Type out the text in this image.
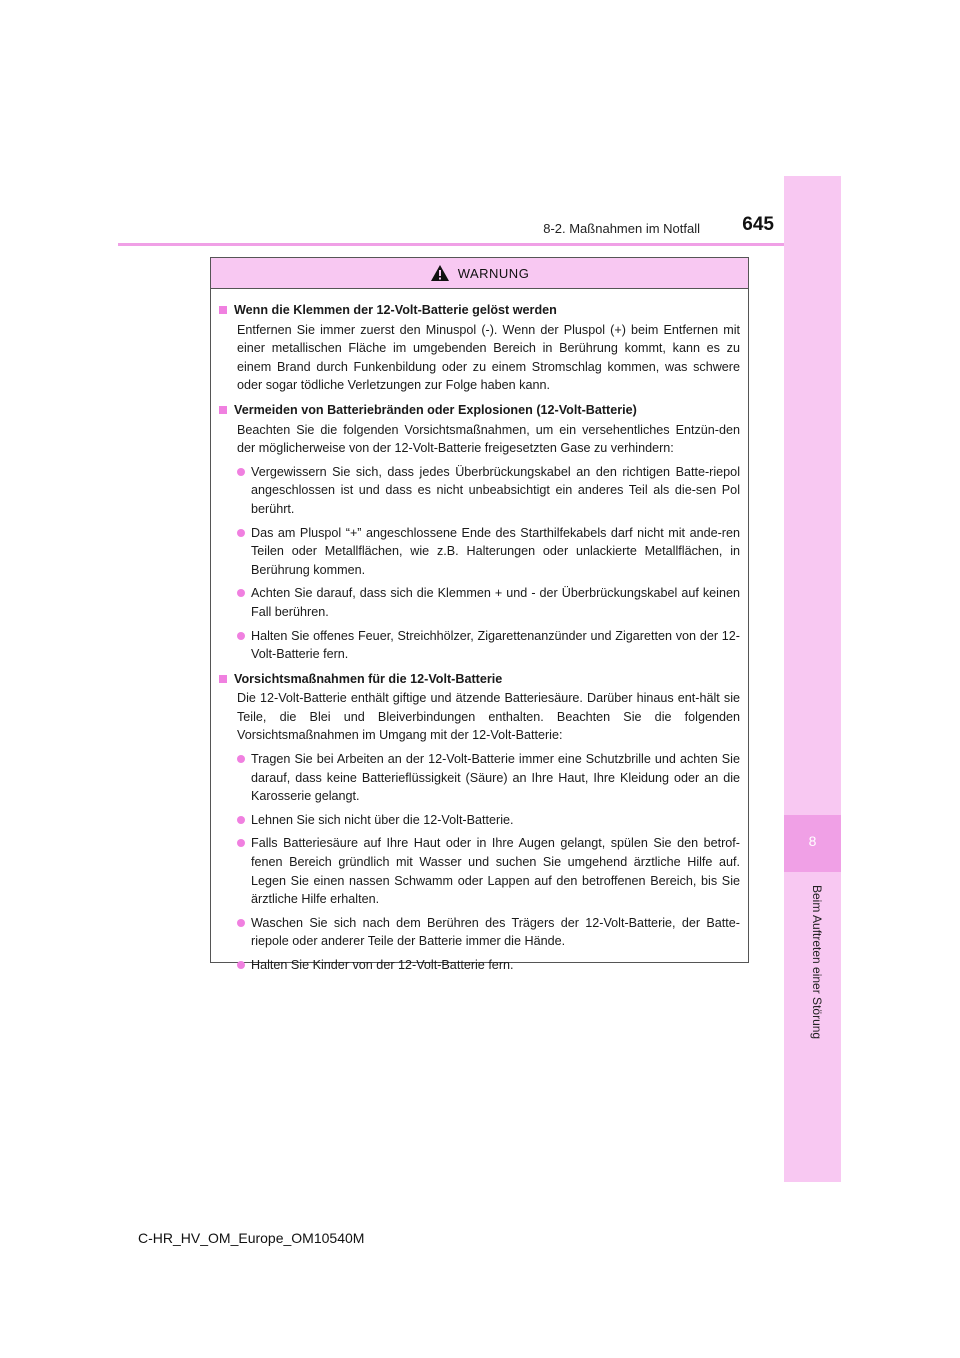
8-2. Maßnahmen im Notfall	645
8
Beim Auftreten einer Störung
WARNUNG
Wenn die Klemmen der 12-Volt-Batterie gelöst werden
Entfernen Sie immer zuerst den Minuspol (-). Wenn der Pluspol (+) beim Entfernen mit einer metallischen Fläche im umgebenden Bereich in Berührung kommt, kann es zu einem Brand durch Funkenbildung oder zu einem Stromschlag kommen, was schwere oder sogar tödliche Verletzungen zur Folge haben kann.
Vermeiden von Batteriebränden oder Explosionen (12-Volt-Batterie)
Beachten Sie die folgenden Vorsichtsmaßnahmen, um ein versehentliches Entzün-den der möglicherweise von der 12-Volt-Batterie freigesetzten Gase zu verhindern:
Vergewissern Sie sich, dass jedes Überbrückungskabel an den richtigen Batte-riepol angeschlossen ist und dass es nicht unbeabsichtigt ein anderes Teil als die-sen Pol berührt.
Das am Pluspol “+” angeschlossene Ende des Starthilfekabels darf nicht mit ande-ren Teilen oder Metallflächen, wie z.B. Halterungen oder unlackierte Metallflächen, in Berührung kommen.
Achten Sie darauf, dass sich die Klemmen + und - der Überbrückungskabel auf keinen Fall berühren.
Halten Sie offenes Feuer, Streichhölzer, Zigarettenanzünder und Zigaretten von der 12-Volt-Batterie fern.
Vorsichtsmaßnahmen für die 12-Volt-Batterie
Die 12-Volt-Batterie enthält giftige und ätzende Batteriesäure. Darüber hinaus ent-hält sie Teile, die Blei und Bleiverbindungen enthalten. Beachten Sie die folgenden Vorsichtsmaßnahmen im Umgang mit der 12-Volt-Batterie:
Tragen Sie bei Arbeiten an der 12-Volt-Batterie immer eine Schutzbrille und achten Sie darauf, dass keine Batterieflüssigkeit (Säure) an Ihre Haut, Ihre Kleidung oder an die Karosserie gelangt.
Lehnen Sie sich nicht über die 12-Volt-Batterie.
Falls Batteriesäure auf Ihre Haut oder in Ihre Augen gelangt, spülen Sie den betrof-fenen Bereich gründlich mit Wasser und suchen Sie umgehend ärztliche Hilfe auf. Legen Sie einen nassen Schwamm oder Lappen auf den betroffenen Bereich, bis Sie ärztliche Hilfe erhalten.
Waschen Sie sich nach dem Berühren des Trägers der 12-Volt-Batterie, der Batte-riepole oder anderer Teile der Batterie immer die Hände.
Halten Sie Kinder von der 12-Volt-Batterie fern.
C-HR_HV_OM_Europe_OM10540M
